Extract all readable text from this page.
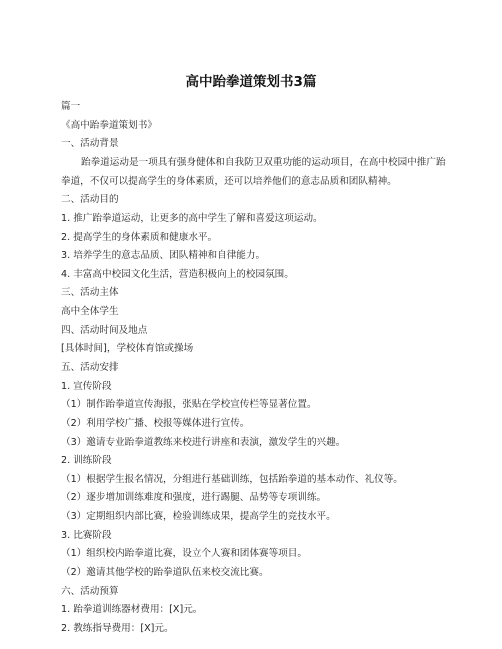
高中跆拳道策划书3篇
篇一
《高中跆拳道策划书》
一、活动背景
跆拳道运动是一项具有强身健体和自我防卫双重功能的运动项目，在高中校园中推广跆拳道，不仅可以提高学生的身体素质，还可以培养他们的意志品质和团队精神。
二、活动目的
1. 推广跆拳道运动，让更多的高中学生了解和喜爱这项运动。
2. 提高学生的身体素质和健康水平。
3. 培养学生的意志品质、团队精神和自律能力。
4. 丰富高中校园文化生活，营造积极向上的校园氛围。
三、活动主体
高中全体学生
四、活动时间及地点
[具体时间]，学校体育馆或操场
五、活动安排
1. 宣传阶段
（1）制作跆拳道宣传海报，张贴在学校宣传栏等显著位置。
（2）利用学校广播、校报等媒体进行宣传。
（3）邀请专业跆拳道教练来校进行讲座和表演，激发学生的兴趣。
2. 训练阶段
（1）根据学生报名情况，分组进行基础训练，包括跆拳道的基本动作、礼仪等。
（2）逐步增加训练难度和强度，进行踢腿、品势等专项训练。
（3）定期组织内部比赛，检验训练成果，提高学生的竞技水平。
3. 比赛阶段
（1）组织校内跆拳道比赛，设立个人赛和团体赛等项目。
（2）邀请其他学校的跆拳道队伍来校交流比赛。
六、活动预算
1. 跆拳道训练器材费用：[X]元。
2. 教练指导费用：[X]元。
